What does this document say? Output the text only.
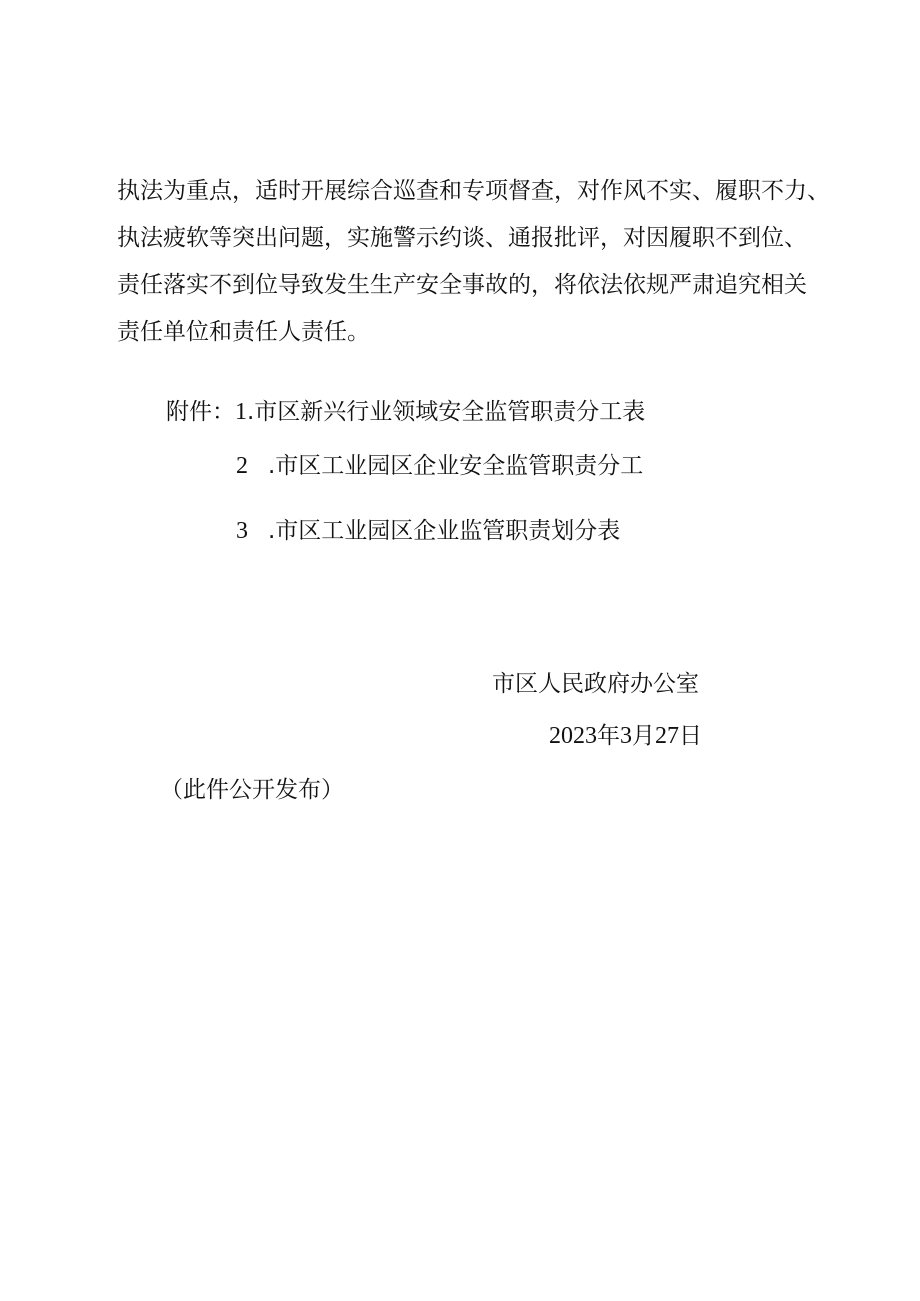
执法为重点，适时开展综合巡查和专项督查，对作风不实、履职不力、
执法疲软等突出问题，实施警示约谈、通报批评，对因履职不到位、
责任落实不到位导致发生生产安全事故的，将依法依规严肃追究相关
责任单位和责任人责任。

附件：1.市区新兴行业领域安全监管职责分工表

2 .市区工业园区企业安全监管职责分工

3 .市区工业园区企业监管职责划分表

市区人民政府办公室

2023年3月27日

（此件公开发布）
